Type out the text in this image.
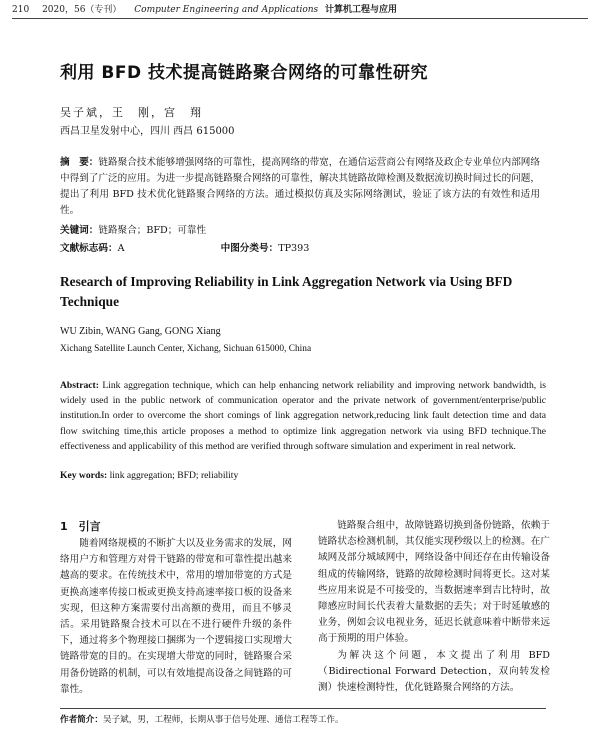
210 2020，56（专刊） Computer Engineering and Applications 计算机工程与应用
利用 BFD 技术提高链路聚合网络的可靠性研究
吴子斌，王　刚，宫　翔
西昌卫星发射中心，四川 西昌 615000
摘　要：链路聚合技术能够增强网络的可靠性，提高网络的带宽，在通信运营商公有网络及政企专业单位内部网络中得到了广泛的应用。为进一步提高链路聚合网络的可靠性，解决其链路故障检测及数据流切换时间过长的问题，提出了利用 BFD 技术优化链路聚合网络的方法。通过模拟仿真及实际网络测试，验证了该方法的有效性和适用性。
关键词：链路聚合；BFD；可靠性
文献标志码：A	中图分类号：TP393
Research of Improving Reliability in Link Aggregation Network via Using BFD Technique
WU Zibin, WANG Gang, GONG Xiang
Xichang Satellite Launch Center, Xichang, Sichuan 615000, China
Abstract: Link aggregation technique, which can help enhancing network reliability and improving network bandwidth, is widely used in the public network of communication operator and the private network of government/enterprise/public institution.In order to overcome the short comings of link aggregation network,reducing link fault detection time and data flow switching time,this article proposes a method to optimize link aggregation network via using BFD technique.The effectiveness and applicability of this method are verified through software simulation and experiment in real network.
Key words: link aggregation; BFD; reliability
1　引言

随着网络规模的不断扩大以及业务需求的发展，网络用户方和管理方对骨干链路的带宽和可靠性提出越来越高的要求。在传统技术中，常用的增加带宽的方式是更换高速率传接口板或更换支持高速率接口板的设备来实现，但这种方案需要付出高额的费用，而且不够灵活。采用链路聚合技术可以在不进行硬件升级的条件下，通过将多个物理接口捆绑为一个逻辑接口实现增大链路带宽的目的。在实现增大带宽的同时，链路聚合采用备份链路的机制，可以有效地提高设备之间链路的可靠性。

链路聚合组中，故障链路切换到备份链路，依赖于链路状态检测机制，其仅能实现秒级以上的检测。在广域网及部分城域网中，网络设备中间还存在由传输设备组成的传输网络，链路的故障检测时间将更长。这对某些应用来说是不可接受的，当数据速率到吉比特时，故障感应时间长代表着大量数据的丢失；对于时延敏感的业务，例如会议电视业务，延迟长就意味着中断带来远高于预期的用户体验。

为解决这个问题，本文提出了利用 BFD（Bidirectional Forward Detection，双向转发检测）快速检测特性，优化链路聚合网络的方法。

作者简介：吴子斌，男，工程师，长期从事于信号处理、通信工程等工作。
